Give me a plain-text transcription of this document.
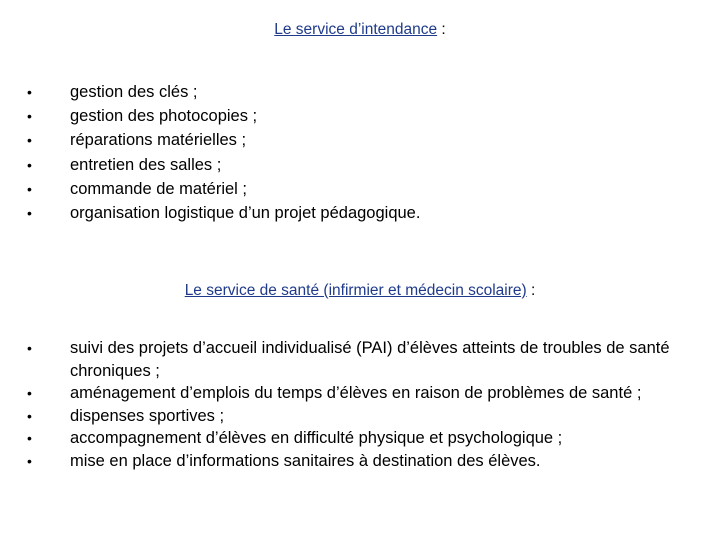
Le service d’intendance :
• gestion des clés ;
• gestion des photocopies ;
• réparations matérielles ;
• entretien des salles ;
• commande de matériel ;
• organisation logistique d’un projet pédagogique.
Le service de santé (infirmier et médecin scolaire) :
• suivi des projets d’accueil individualisé (PAI) d’élèves atteints de troubles de santé chroniques ;
• aménagement d’emplois du temps d’élèves en raison de problèmes de santé ;
• dispenses sportives ;
• accompagnement d’élèves en difficulté physique et psychologique ;
• mise en place d’informations sanitaires à destination des élèves.
